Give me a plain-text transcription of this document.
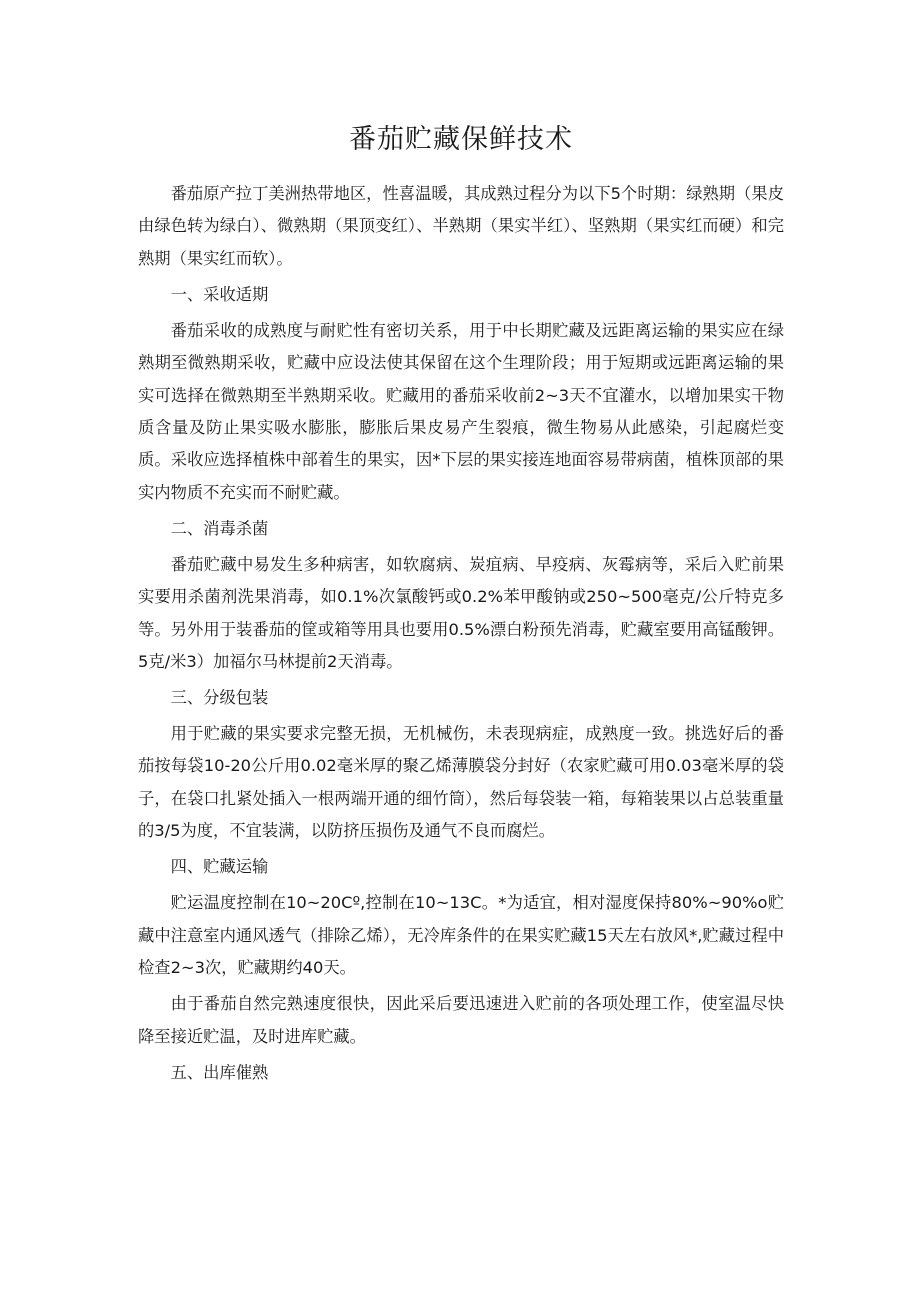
番茄贮藏保鲜技术

番茄原产拉丁美洲热带地区，性喜温暖，其成熟过程分为以下5个时期：绿熟期（果皮由绿色转为绿白）、微熟期（果顶变红）、半熟期（果实半红）、坚熟期（果实红而硬）和完熟期（果实红而软）。

一、采收适期

番茄采收的成熟度与耐贮性有密切关系，用于中长期贮藏及远距离运输的果实应在绿熟期至微熟期采收，贮藏中应设法使其保留在这个生理阶段；用于短期或远距离运输的果实可选择在微熟期至半熟期采收。贮藏用的番茄采收前2~3天不宜灌水，以增加果实干物质含量及防止果实吸水膨胀，膨胀后果皮易产生裂痕，微生物易从此感染，引起腐烂变质。采收应选择植株中部着生的果实，因*下层的果实接连地面容易带病菌，植株顶部的果实内物质不充实而不耐贮藏。

二、消毒杀菌

番茄贮藏中易发生多种病害，如软腐病、炭疽病、早疫病、灰霉病等，采后入贮前果实要用杀菌剂洗果消毒，如0.1%次氯酸钙或0.2%苯甲酸钠或250~500毫克/公斤特克多等。另外用于装番茄的筐或箱等用具也要用0.5%漂白粉预先消毒，贮藏室要用高锰酸钾。5克/米3）加福尔马林提前2天消毒。

三、分级包装

用于贮藏的果实要求完整无损，无机械伤，未表现病症，成熟度一致。挑选好后的番茄按每袋10-20公斤用0.02毫米厚的聚乙烯薄膜袋分封好（农家贮藏可用0.03毫米厚的袋子，在袋口扎紧处插入一根两端开通的细竹筒），然后每袋装一箱，每箱装果以占总装重量的3/5为度，不宜装满，以防挤压损伤及通气不良而腐烂。

四、贮藏运输

贮运温度控制在10~20Cº,控制在10~13C。*为适宜，相对湿度保持80%~90%o贮藏中注意室内通风透气（排除乙烯），无冷库条件的在果实贮藏15天左右放风*,贮藏过程中检查2~3次，贮藏期约40天。

由于番茄自然完熟速度很快，因此采后要迅速进入贮前的各项处理工作，使室温尽快降至接近贮温，及时进库贮藏。

五、出库催熟
